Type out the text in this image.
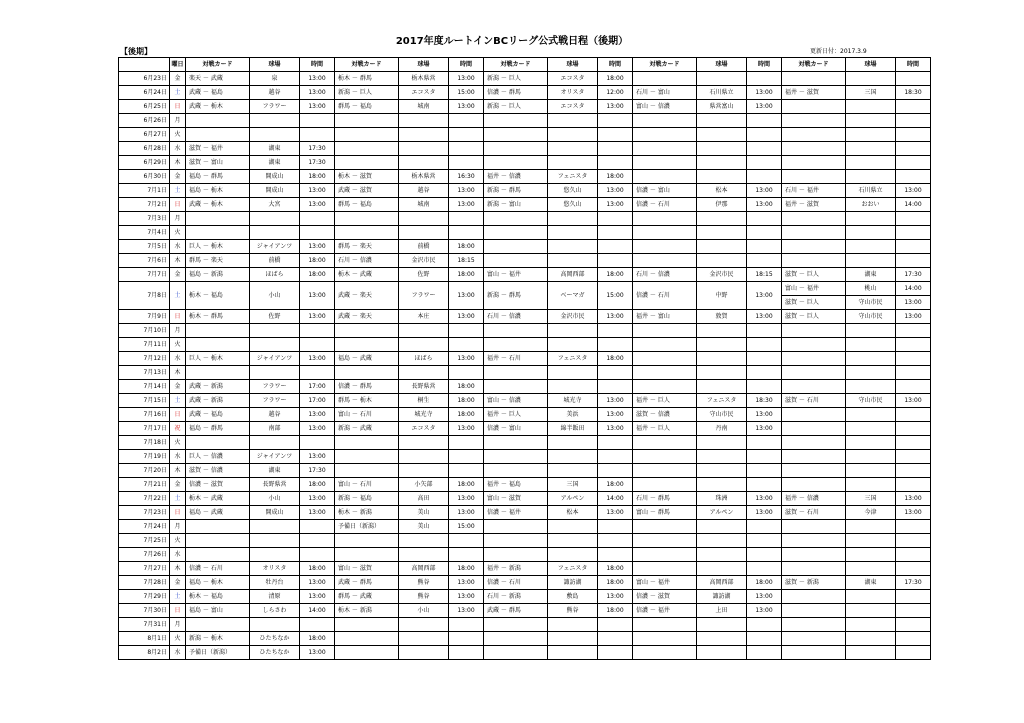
2017年度ルートインBCリーグ公式戦日程（後期）
【後期】	更新日付：2017.3.9
	曜日	対戦カード	球場	時間	対戦カード	球場	時間	対戦カード	球場	時間	対戦カード	球場	時間	対戦カード	球場	時間
6月23日	金	楽天 － 武蔵	泉	13:00	栃木 － 群馬	栃木県営	13:00	新潟 － 巨人	エコスタ	18:00						
6月24日	土	武蔵 － 福島	越谷	13:00	新潟 － 巨人	エコスタ	15:00	信濃 － 群馬	オリスタ	12:00	石川 － 富山	石川県立	13:00	福井 － 滋賀	三国	18:30
6月25日	日	武蔵 － 栃木	フラワー	13:00	群馬 － 福島	城南	13:00	新潟 － 巨人	エコスタ	13:00	富山 － 信濃	県営富山	13:00			
6月26日	月															
6月27日	火															
6月28日	水	滋賀 － 福井	湖東	17:30												
6月29日	木	滋賀 － 富山	湖東	17:30												
6月30日	金	福島 － 群馬	開成山	18:00	栃木 － 滋賀	栃木県営	16:30	福井 － 信濃	フェニスタ	18:00						
7月1日	土	福島 － 栃木	開成山	13:00	武蔵 － 滋賀	越谷	13:00	新潟 － 群馬	悠久山	13:00	信濃 － 富山	松本	13:00	石川 － 福井	石川県立	13:00
7月2日	日	武蔵 － 栃木	大宮	13:00	群馬 － 福島	城南	13:00	新潟 － 富山	悠久山	13:00	信濃 － 石川	伊那	13:00	福井 － 滋賀	おおい	14:00
7月3日	月															
7月4日	火															
7月5日	水	巨人 － 栃木	ジャイアンツ	13:00	群馬 － 楽天	前橋	18:00									
7月6日	木	群馬 － 楽天	前橋	18:00	石川 － 信濃	金沢市民	18:15									
7月7日	金	福島 － 新潟	ほばら	18:00	栃木 － 武蔵	佐野	18:00	富山 － 福井	高岡西部	18:00	石川 － 信濃	金沢市民	18:15	滋賀 － 巨人	湖東	17:30
7月8日	土	栃木 － 福島	小山	13:00	武蔵 － 楽天	フラワー	13:00	新潟 － 群馬	ベーマガ	15:00	信濃 － 石川	中野	13:00	富山 － 福井	桃山	14:00
														滋賀 － 巨人	守山市民	13:00
7月9日	日	栃木 － 群馬	佐野	13:00	武蔵 － 楽天	本庄	13:00	石川 － 信濃	金沢市民	13:00	福井 － 富山	敦賀	13:00	滋賀 － 巨人	守山市民	13:00
7月10日	月															
7月11日	火															
7月12日	水	巨人 － 栃木	ジャイアンツ	13:00	福島 － 武蔵	ほばら	13:00	福井 － 石川	フェニスタ	18:00						
7月13日	木															
7月14日	金	武蔵 － 新潟	フラワー	17:00	信濃 － 群馬	長野県営	18:00									
7月15日	土	武蔵 － 新潟	フラワー	17:00	群馬 － 栃木	桐生	18:00	富山 － 信濃	城光寺	13:00	福井 － 巨人	フェニスタ	18:30	滋賀 － 石川	守山市民	13:00
7月16日	日	武蔵 － 福島	越谷	13:00	富山 － 石川	城光寺	18:00	福井 － 巨人	美浜	13:00	滋賀 － 信濃	守山市民	13:00			
7月17日	祝	福島 － 群馬	南部	13:00	新潟 － 武蔵	エコスタ	13:00	信濃 － 富山	綿半飯田	13:00	福井 － 巨人	丹南	13:00			
7月18日	火															
7月19日	水	巨人 － 信濃	ジャイアンツ	13:00												
7月20日	木	滋賀 － 信濃	湖東	17:30												
7月21日	金	信濃 － 滋賀	長野県営	18:00	富山 － 石川	小矢部	18:00	福井 － 福島	三国	18:00						
7月22日	土	栃木 － 武蔵	小山	13:00	新潟 － 福島	高田	13:00	富山 － 滋賀	アルペン	14:00	石川 － 群馬	珠洲	13:00	福井 － 信濃	三国	13:00
7月23日	日	福島 － 武蔵	開成山	13:00	栃木 － 新潟	美山	13:00	信濃 － 福井	松本	13:00	富山 － 群馬	アルペン	13:00	滋賀 － 石川	今津	13:00
7月24日	月				予備日（新潟）	美山	15:00									
7月25日	火															
7月26日	水															
7月27日	木	信濃 － 石川	オリスタ	18:00	富山 － 滋賀	高岡西部	18:00	福井 － 新潟	フェニスタ	18:00						
7月28日	金	福島 － 栃木	牡丹台	13:00	武蔵 － 群馬	熊谷	13:00	信濃 － 石川	諏訪湖	18:00	富山 － 福井	高岡西部	18:00	滋賀 － 新潟	湖東	17:30
7月29日	土	栃木 － 福島	清原	13:00	群馬 － 武蔵	熊谷	13:00	石川 － 新潟	敷島	13:00	信濃 － 滋賀	諏訪湖	13:00			
7月30日	日	福島 － 富山	しらさわ	14:00	栃木 － 新潟	小山	13:00	武蔵 － 群馬	熊谷	18:00	信濃 － 福井	上田	13:00			
7月31日	月															
8月1日	火	新潟 － 栃木	ひたちなか	18:00												
8月2日	水	予備日（新潟）	ひたちなか	13:00												
